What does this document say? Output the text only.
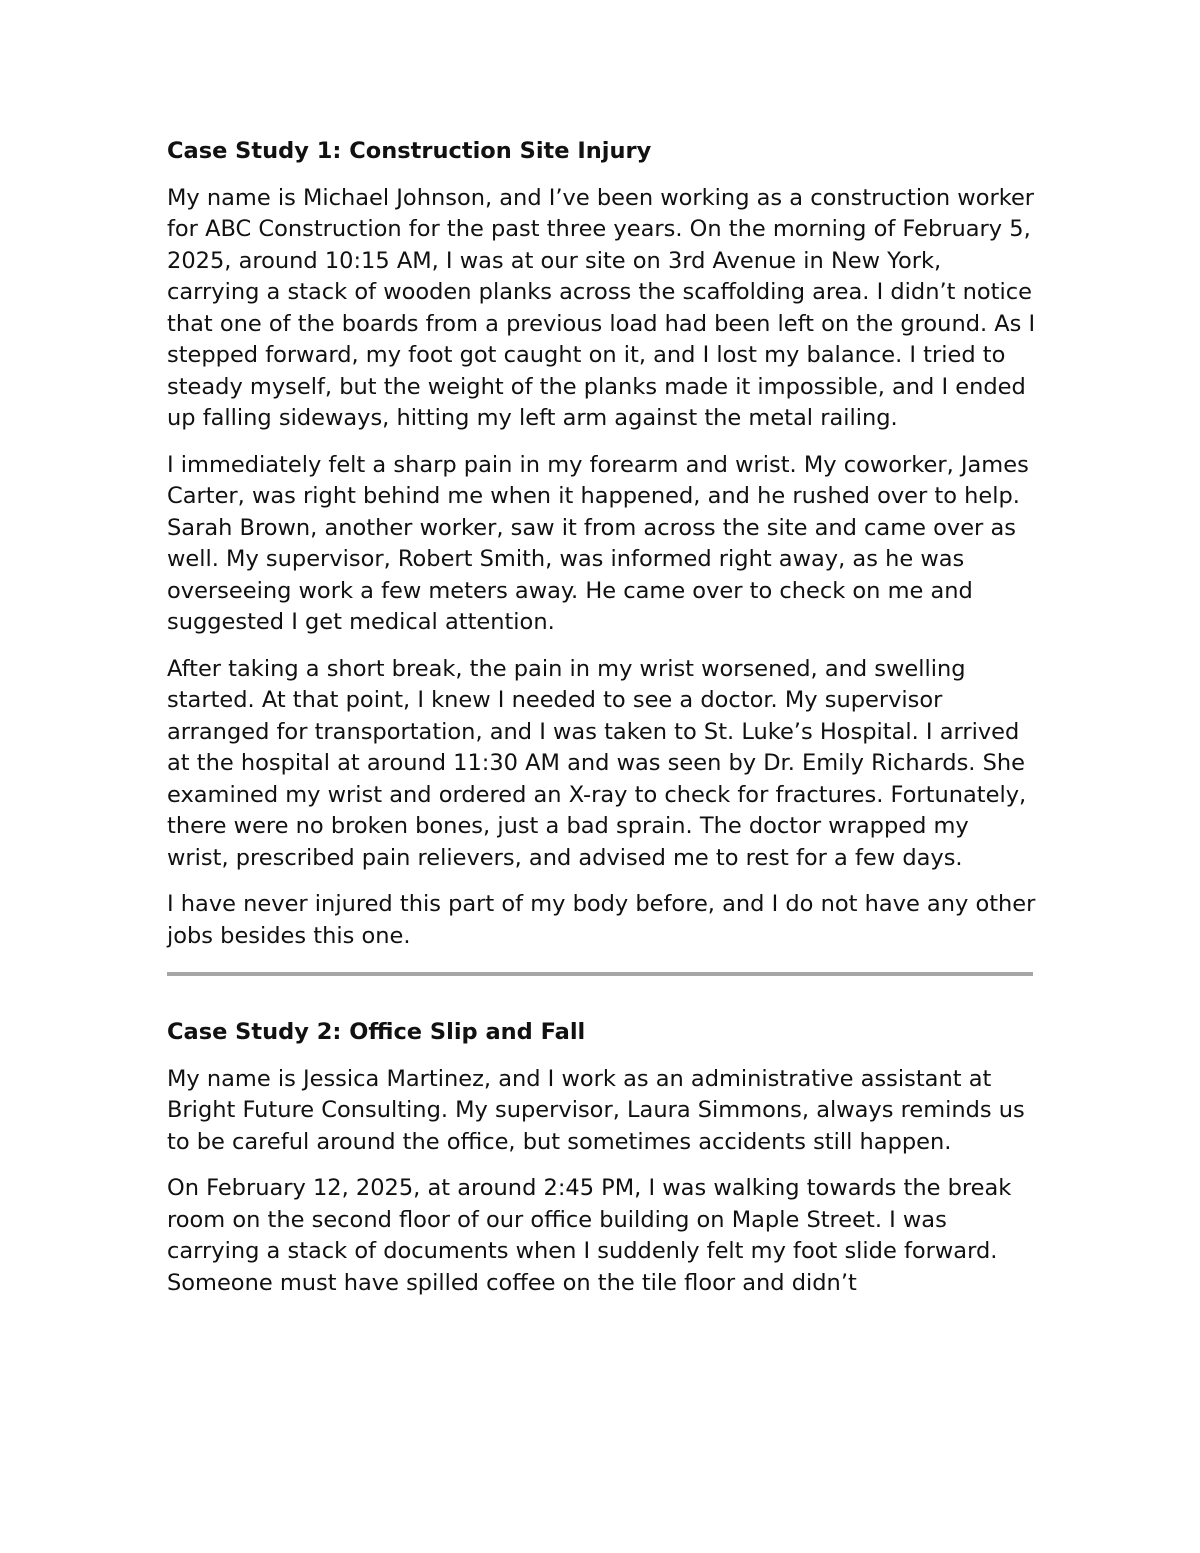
Case Study 1: Construction Site Injury

My name is Michael Johnson, and I’ve been working as a construction worker for ABC Construction for the past three years. On the morning of February 5, 2025, around 10:15 AM, I was at our site on 3rd Avenue in New York, carrying a stack of wooden planks across the scaffolding area. I didn’t notice that one of the boards from a previous load had been left on the ground. As I stepped forward, my foot got caught on it, and I lost my balance. I tried to steady myself, but the weight of the planks made it impossible, and I ended up falling sideways, hitting my left arm against the metal railing.

I immediately felt a sharp pain in my forearm and wrist. My coworker, James Carter, was right behind me when it happened, and he rushed over to help. Sarah Brown, another worker, saw it from across the site and came over as well. My supervisor, Robert Smith, was informed right away, as he was overseeing work a few meters away. He came over to check on me and suggested I get medical attention.

After taking a short break, the pain in my wrist worsened, and swelling started. At that point, I knew I needed to see a doctor. My supervisor arranged for transportation, and I was taken to St. Luke’s Hospital. I arrived at the hospital at around 11:30 AM and was seen by Dr. Emily Richards. She examined my wrist and ordered an X-ray to check for fractures. Fortunately, there were no broken bones, just a bad sprain. The doctor wrapped my wrist, prescribed pain relievers, and advised me to rest for a few days.

I have never injured this part of my body before, and I do not have any other jobs besides this one.

Case Study 2: Office Slip and Fall

My name is Jessica Martinez, and I work as an administrative assistant at Bright Future Consulting. My supervisor, Laura Simmons, always reminds us to be careful around the office, but sometimes accidents still happen.

On February 12, 2025, at around 2:45 PM, I was walking towards the break room on the second floor of our office building on Maple Street. I was carrying a stack of documents when I suddenly felt my foot slide forward. Someone must have spilled coffee on the tile floor and didn’t
